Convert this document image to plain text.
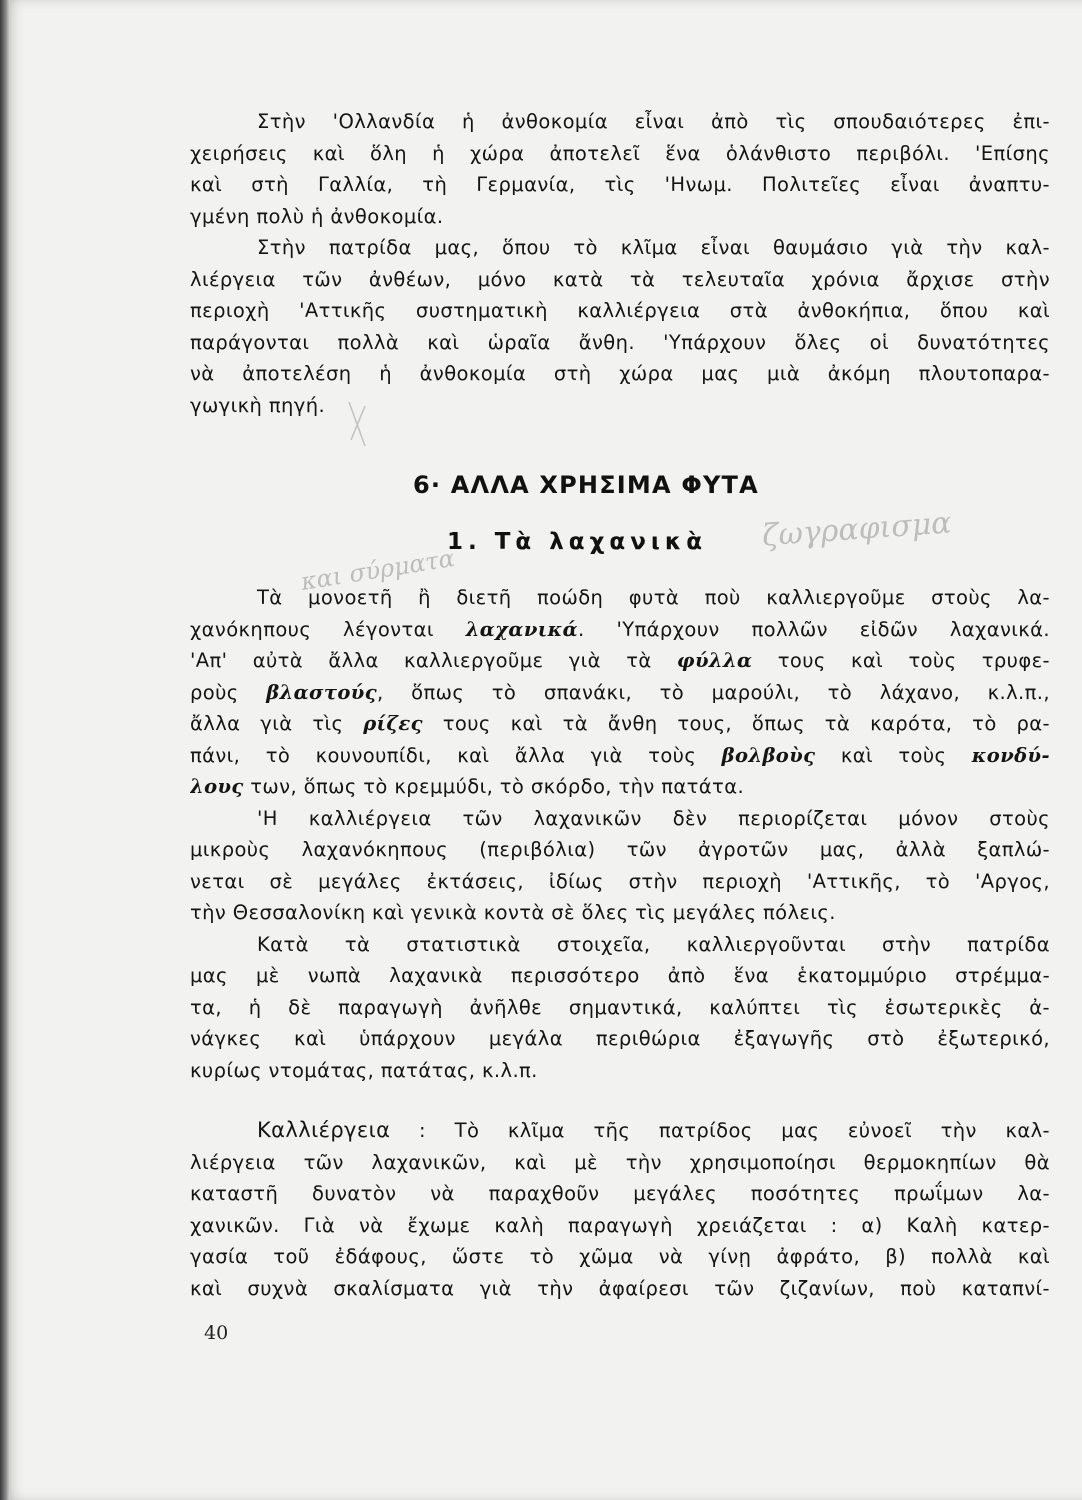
Στὴν 'Ολλανδία ἡ ἀνθοκομία εἶναι ἀπὸ τὶς σπουδαιότερες ἐπι-
χειρήσεις καὶ ὅλη ἡ χώρα ἀποτελεῖ ἕνα ὁλάνθιστο περιβόλι. 'Επίσης
καὶ στὴ Γαλλία, τὴ Γερμανία, τὶς 'Ηνωμ. Πολιτεῖες εἶναι ἀναπτυ-
γμένη πολὺ ἡ ἀνθοκομία.
Στὴν πατρίδα μας, ὅπου τὸ κλῖμα εἶναι θαυμάσιο γιὰ τὴν καλ-
λιέργεια τῶν ἀνθέων, μόνο κατὰ τὰ τελευταῖα χρόνια ἄρχισε στὴν
περιοχὴ 'Αττικῆς συστηματικὴ καλλιέργεια στὰ ἀνθοκήπια, ὅπου καὶ
παράγονται πολλὰ καὶ ὡραῖα ἄνθη. 'Υπάρχουν ὅλες οἱ δυνατότητες
νὰ ἀποτελέση ἡ ἀνθοκομία στὴ χώρα μας μιὰ ἀκόμη πλουτοπαρα-
γωγικὴ πηγή.
6· ΑΛΛΑ ΧΡΗΣΙΜΑ ΦΥΤΑ
1. Τὰ λαχανικὰ	ζωγραφισμα
και σύρματα
Τὰ μονοετῆ ἢ διετῆ ποώδη φυτὰ ποὺ καλλιεργοῦμε στοὺς λα-
χανόκηπους λέγονται λαχανικά. 'Υπάρχουν πολλῶν εἰδῶν λαχανικά.
'Απ' αὐτὰ ἄλλα καλλιεργοῦμε γιὰ τὰ φύλλα τους καὶ τοὺς τρυφε-
ροὺς βλαστούς, ὅπως τὸ σπανάκι, τὸ μαρούλι, τὸ λάχανο, κ.λ.π.,
ἄλλα γιὰ τὶς ρίζες τους καὶ τὰ ἄνθη τους, ὅπως τὰ καρότα, τὸ ρα-
πάνι, τὸ κουνουπίδι, καὶ ἄλλα γιὰ τοὺς βολβοὺς καὶ τοὺς κονδύ-
λους των, ὅπως τὸ κρεμμύδι, τὸ σκόρδο, τὴν πατάτα.
'Η καλλιέργεια τῶν λαχανικῶν δὲν περιορίζεται μόνον στοὺς
μικροὺς λαχανόκηπους (περιβόλια) τῶν ἀγροτῶν μας, ἀλλὰ ξαπλώ-
νεται σὲ μεγάλες ἐκτάσεις, ἰδίως στὴν περιοχὴ 'Αττικῆς, τὸ 'Αργος,
τὴν Θεσσαλονίκη καὶ γενικὰ κοντὰ σὲ ὅλες τὶς μεγάλες πόλεις.
Κατὰ τὰ στατιστικὰ στοιχεῖα, καλλιεργοῦνται στὴν πατρίδα
μας μὲ νωπὰ λαχανικὰ περισσότερο ἀπὸ ἕνα ἑκατομμύριο στρέμμα-
τα, ἡ δὲ παραγωγὴ ἀνῆλθε σημαντικά, καλύπτει τὶς ἐσωτερικὲς ἀ-
νάγκες καὶ ὑπάρχουν μεγάλα περιθώρια ἐξαγωγῆς στὸ ἐξωτερικό,
κυρίως ντομάτας, πατάτας, κ.λ.π.
Καλλιέργεια : Τὸ κλῖμα τῆς πατρίδος μας εὐνοεῖ τὴν καλ-
λιέργεια τῶν λαχανικῶν, καὶ μὲ τὴν χρησιμοποίησι θερμοκηπίων θὰ
καταστῆ δυνατὸν νὰ παραχθοῦν μεγάλες ποσότητες πρωΐμων λα-
χανικῶν. Γιὰ νὰ ἔχωμε καλὴ παραγωγὴ χρειάζεται : α) Καλὴ κατερ-
γασία τοῦ ἐδάφους, ὥστε τὸ χῶμα νὰ γίνῃ ἀφράτο, β) πολλὰ καὶ
καὶ συχνὰ σκαλίσματα γιὰ τὴν ἀφαίρεσι τῶν ζιζανίων, ποὺ καταπνί-
40
